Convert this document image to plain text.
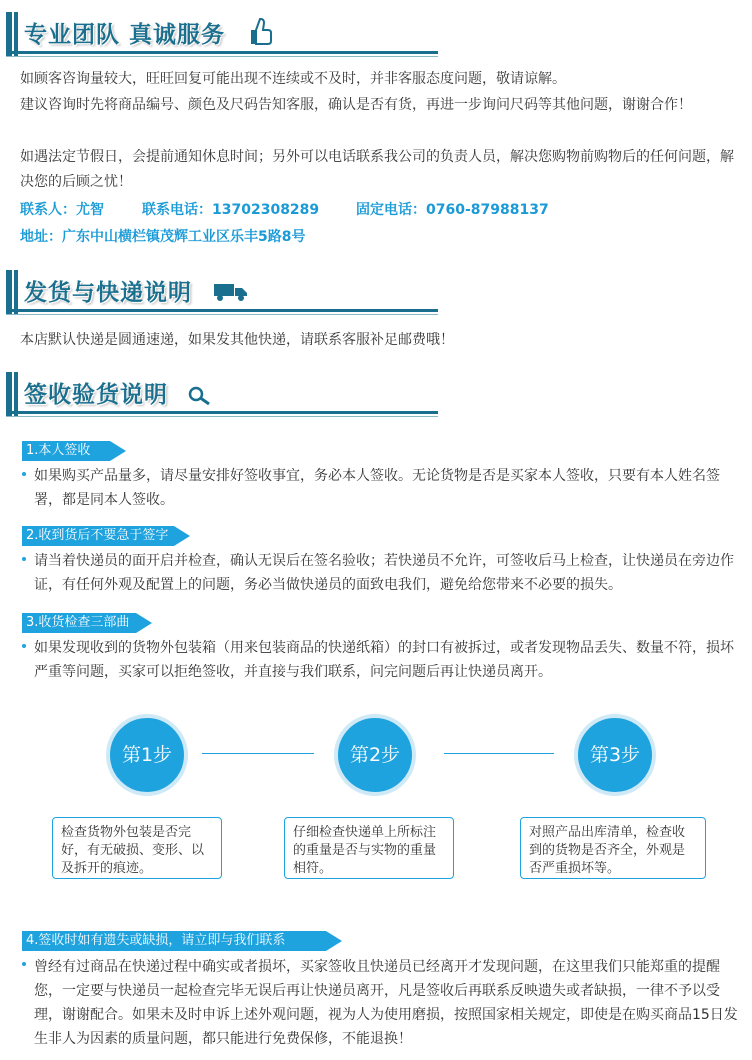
专业团队 真诚服务
如顾客咨询量较大，旺旺回复可能出现不连续或不及时，并非客服态度问题，敬请谅解。
建议咨询时先将商品编号、颜色及尺码告知客服，确认是否有货，再进一步询问尺码等其他问题，谢谢合作！
如遇法定节假日，会提前通知休息时间；另外可以电话联系我公司的负责人员，解决您购物前购物后的任何问题，解决您的后顾之忧！
联系人：尤智	联系电话：13702308289	固定电话：0760-87988137
地址：广东中山横栏镇茂辉工业区乐丰5路8号
发货与快递说明
本店默认快递是圆通速递，如果发其他快递，请联系客服补足邮费哦！
签收验货说明
1.本人签收
如果购买产品量多，请尽量安排好签收事宜，务必本人签收。无论货物是否是买家本人签收，只要有本人姓名签署，都是同本人签收。
2.收到货后不要急于签字
请当着快递员的面开启并检查，确认无误后在签名验收；若快递员不允许，可签收后马上检查，让快递员在旁边作证，有任何外观及配置上的问题，务必当做快递员的面致电我们，避免给您带来不必要的损失。
3.收货检查三部曲
如果发现收到的货物外包装箱（用来包装商品的快递纸箱）的封口有被拆过，或者发现物品丢失、数量不符，损坏严重等问题，买家可以拒绝签收，并直接与我们联系，问完问题后再让快递员离开。
第1步	第2步	第3步
检查货物外包装是否完好，有无破损、变形、以及拆开的痕迹。
仔细检查快递单上所标注的重量是否与实物的重量相符。
对照产品出库清单，检查收到的货物是否齐全，外观是否严重损坏等。
4.签收时如有遗失或缺损，请立即与我们联系
曾经有过商品在快递过程中确实或者损坏，买家签收且快递员已经离开才发现问题，在这里我们只能郑重的提醒您，一定要与快递员一起检查完毕无误后再让快递员离开，凡是签收后再联系反映遗失或者缺损，一律不予以受理，谢谢配合。如果未及时申诉上述外观问题，视为人为使用磨损，按照国家相关规定，即使是在购买商品15日发生非人为因素的质量问题，都只能进行免费保修，不能退换！
